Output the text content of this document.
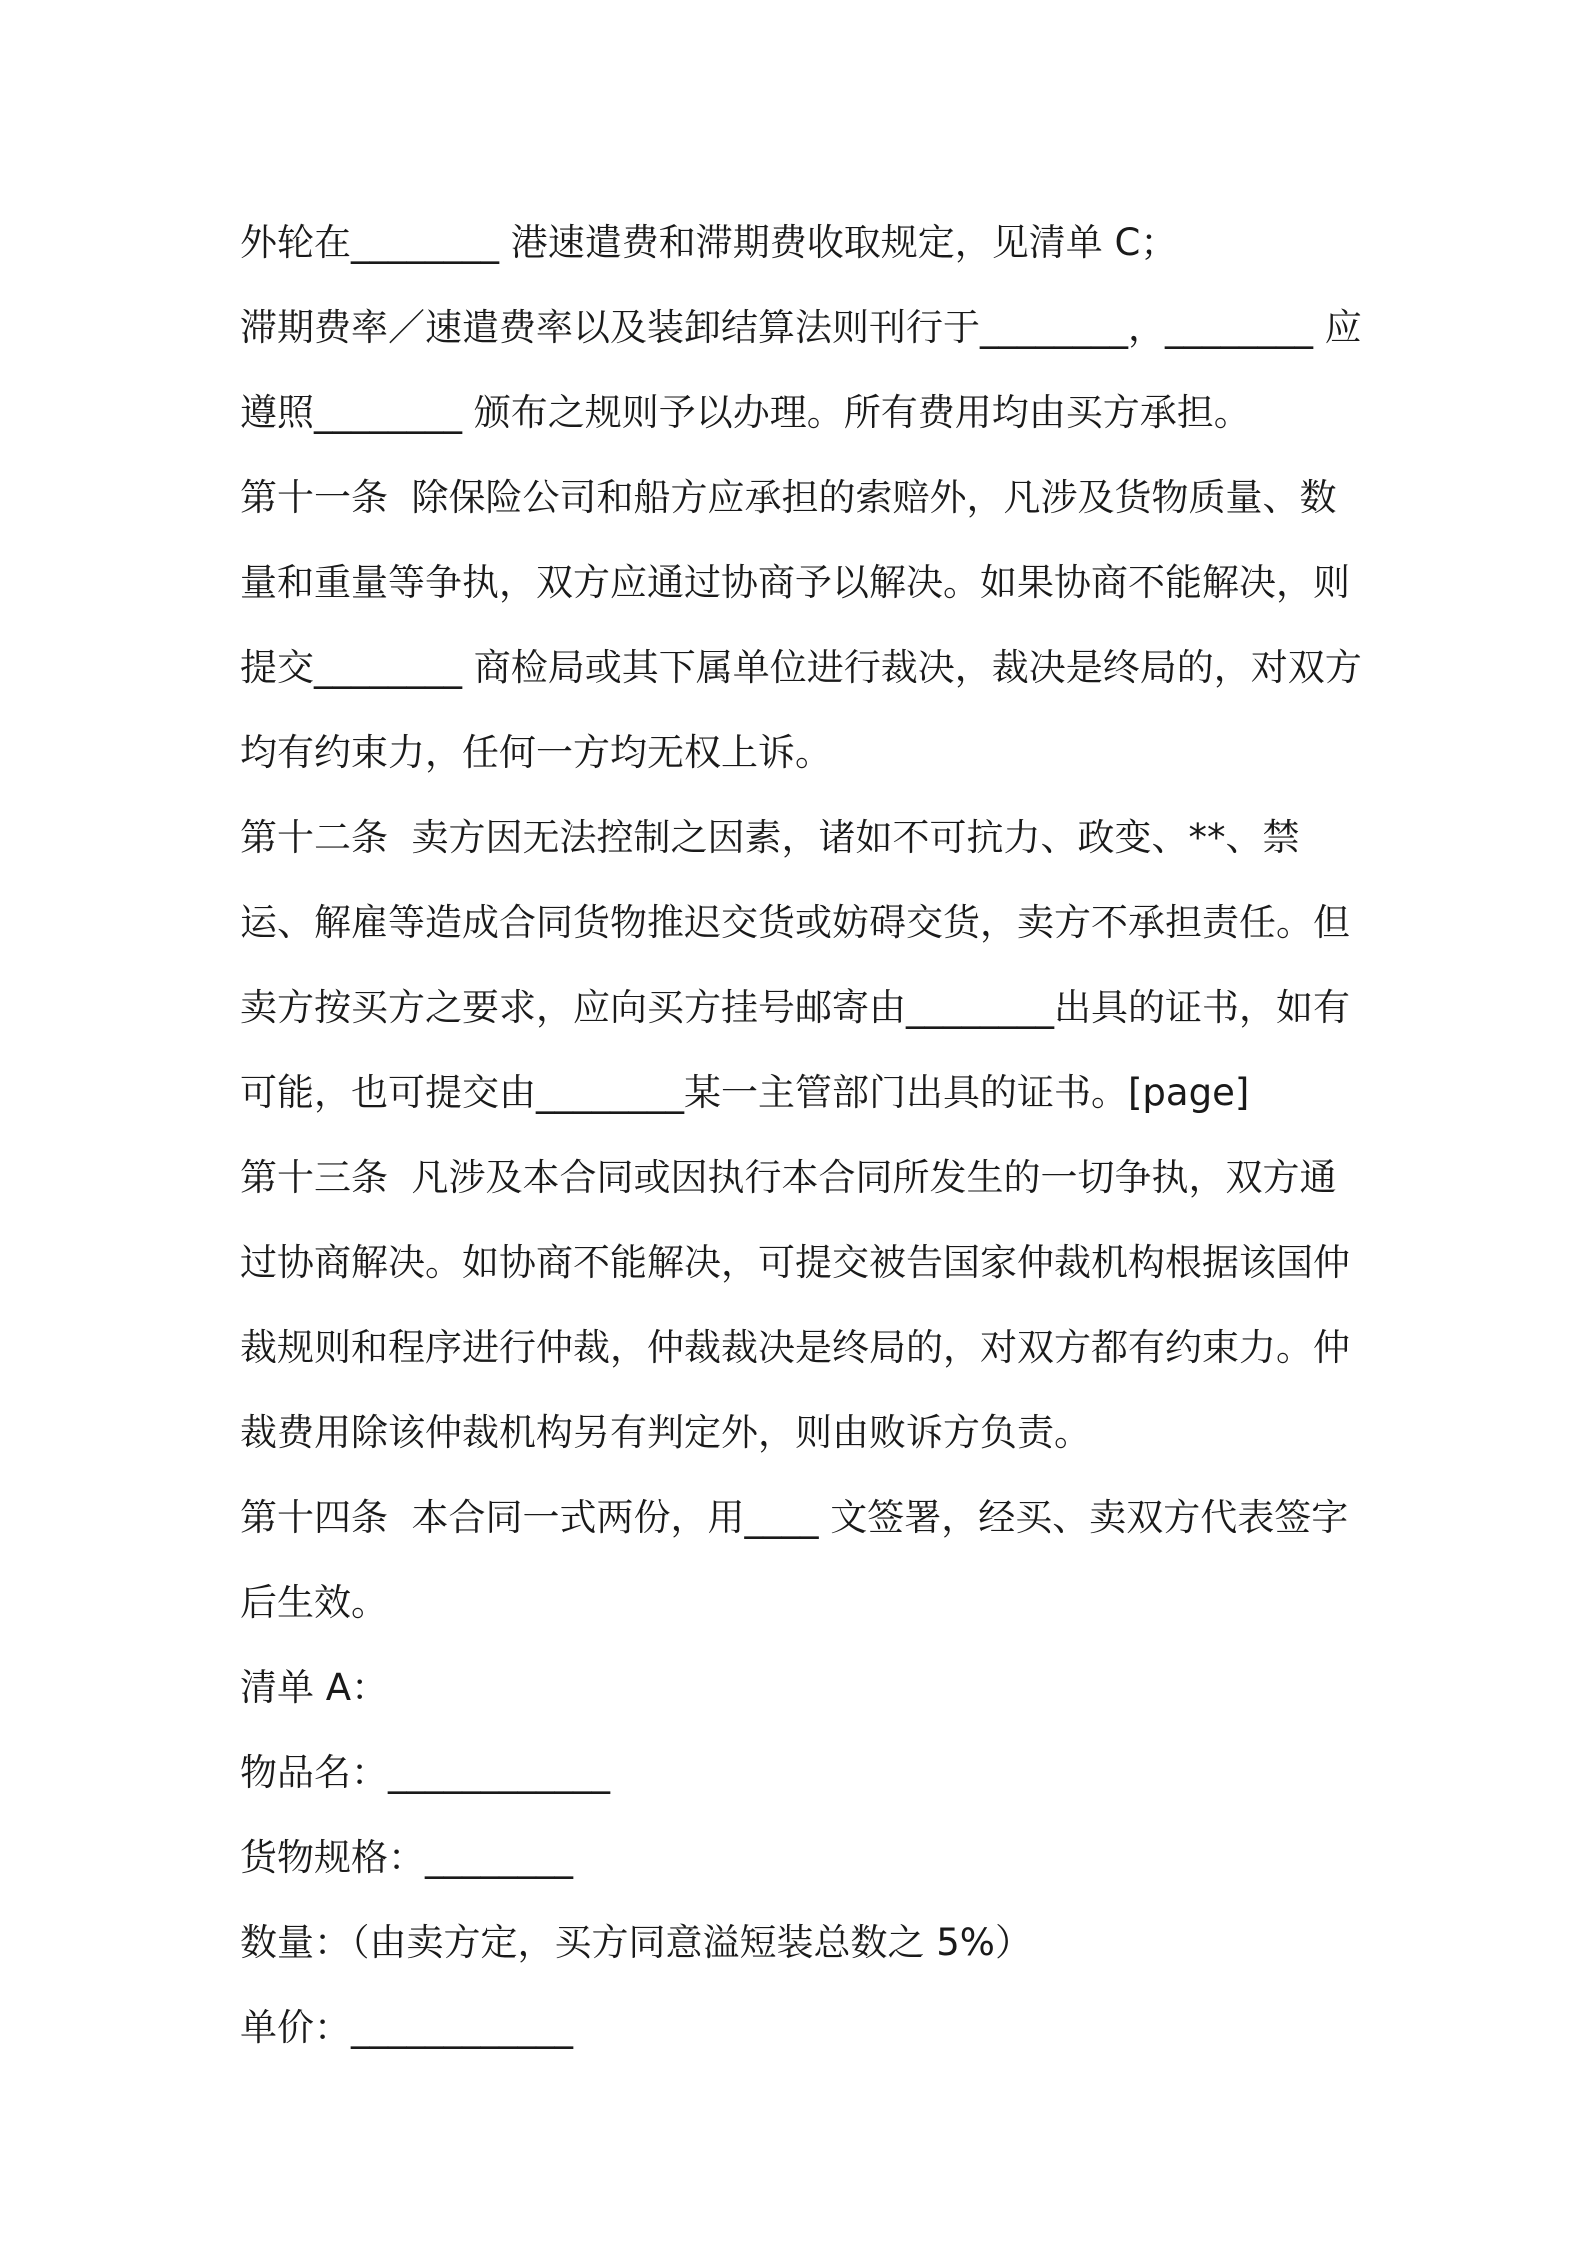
外轮在________ 港速遣费和滞期费收取规定，见清单 C；

滞期费率／速遣费率以及装卸结算法则刊行于________，________ 应遵照________ 颁布之规则予以办理。所有费用均由买方承担。

第十一条  除保险公司和船方应承担的索赔外，凡涉及货物质量、数量和重量等争执，双方应通过协商予以解决。如果协商不能解决，则提交________ 商检局或其下属单位进行裁决，裁决是终局的，对双方均有约束力，任何一方均无权上诉。

第十二条  卖方因无法控制之因素，诸如不可抗力、政变、**、禁运、解雇等造成合同货物推迟交货或妨碍交货，卖方不承担责任。但卖方按买方之要求，应向买方挂号邮寄由________出具的证书，如有可能，也可提交由________某一主管部门出具的证书。[page]

第十三条  凡涉及本合同或因执行本合同所发生的一切争执，双方通过协商解决。如协商不能解决，可提交被告国家仲裁机构根据该国仲裁规则和程序进行仲裁，仲裁裁决是终局的，对双方都有约束力。仲裁费用除该仲裁机构另有判定外，则由败诉方负责。

第十四条  本合同一式两份，用____ 文签署，经买、卖双方代表签字后生效。

清单 A：

物品名：____________

货物规格：________

数量：（由卖方定，买方同意溢短装总数之 5%）

单价：____________
